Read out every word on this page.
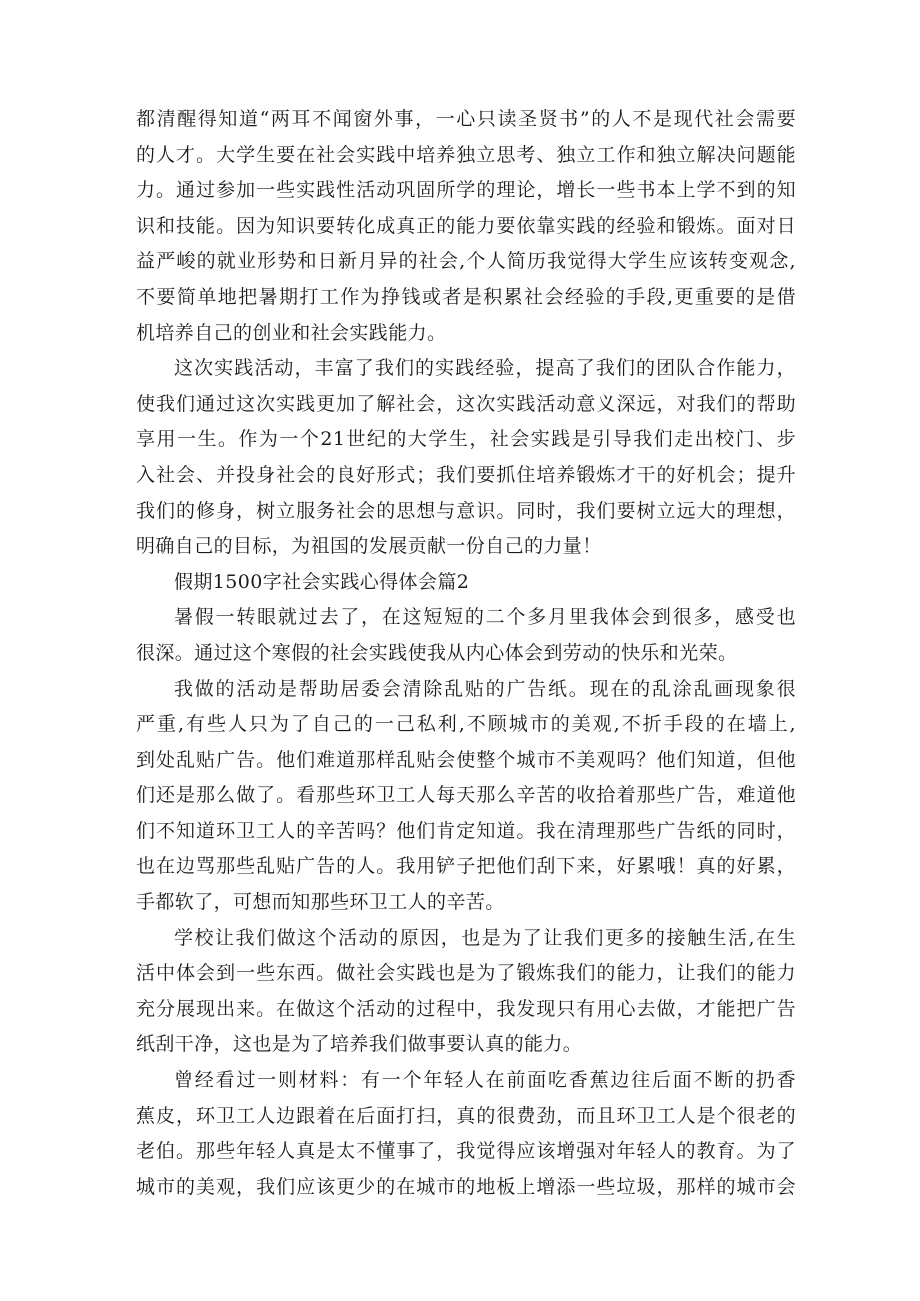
都清醒得知道“两耳不闻窗外事，一心只读圣贤书”的人不是现代社会需要
的人才。大学生要在社会实践中培养独立思考、独立工作和独立解决问题能
力。通过参加一些实践性活动巩固所学的理论，增长一些书本上学不到的知
识和技能。因为知识要转化成真正的能力要依靠实践的经验和锻炼。面对日
益严峻的就业形势和日新月异的社会,个人简历我觉得大学生应该转变观念,
不要简单地把暑期打工作为挣钱或者是积累社会经验的手段,更重要的是借
机培养自己的创业和社会实践能力。

这次实践活动，丰富了我们的实践经验，提高了我们的团队合作能力，
使我们通过这次实践更加了解社会，这次实践活动意义深远，对我们的帮助
享用一生。作为一个21世纪的大学生，社会实践是引导我们走出校门、步
入社会、并投身社会的良好形式；我们要抓住培养锻炼才干的好机会；提升
我们的修身，树立服务社会的思想与意识。同时，我们要树立远大的理想，
明确自己的目标，为祖国的发展贡献一份自己的力量！

假期1500字社会实践心得体会篇2

暑假一转眼就过去了，在这短短的二个多月里我体会到很多，感受也
很深。通过这个寒假的社会实践使我从内心体会到劳动的快乐和光荣。

我做的活动是帮助居委会清除乱贴的广告纸。现在的乱涂乱画现象很
严重,有些人只为了自己的一己私利,不顾城市的美观,不折手段的在墙上,
到处乱贴广告。他们难道那样乱贴会使整个城市不美观吗？他们知道，但他
们还是那么做了。看那些环卫工人每天那么辛苦的收拾着那些广告，难道他
们不知道环卫工人的辛苦吗？他们肯定知道。我在清理那些广告纸的同时，
也在边骂那些乱贴广告的人。我用铲子把他们刮下来，好累哦！真的好累，
手都软了，可想而知那些环卫工人的辛苦。

学校让我们做这个活动的原因，也是为了让我们更多的接触生活,在生
活中体会到一些东西。做社会实践也是为了锻炼我们的能力，让我们的能力
充分展现出来。在做这个活动的过程中，我发现只有用心去做，才能把广告
纸刮干净，这也是为了培养我们做事要认真的能力。

曾经看过一则材料：有一个年轻人在前面吃香蕉边往后面不断的扔香
蕉皮，环卫工人边跟着在后面打扫，真的很费劲，而且环卫工人是个很老的
老伯。那些年轻人真是太不懂事了，我觉得应该增强对年轻人的教育。为了
城市的美观，我们应该更少的在城市的地板上增添一些垃圾，那样的城市会
